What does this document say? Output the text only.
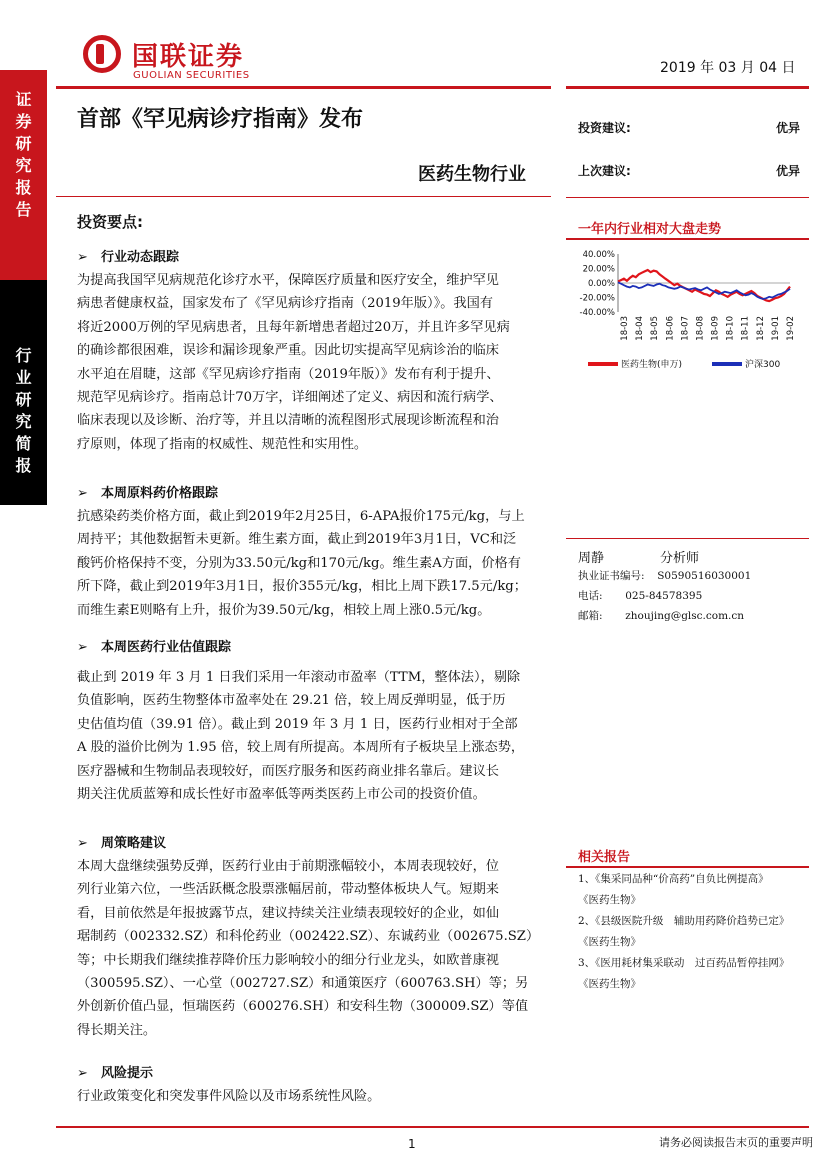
证
券
研
究
报
告
行
业
研
究
简
报
国联证券
GUOLIAN SECURITIES	2019 年 03 月 04 日
首部《罕见病诊疗指南》发布
医药生物行业
投资建议:	优异
上次建议:	优异
投资要点:
➢ 行业动态跟踪
为提高我国罕见病规范化诊疗水平，保障医疗质量和医疗安全，维护罕见
病患者健康权益，国家发布了《罕见病诊疗指南（2019年版）》。我国有
将近2000万例的罕见病患者，且每年新增患者超过20万，并且许多罕见病
的确诊都很困难，误诊和漏诊现象严重。因此切实提高罕见病诊治的临床
水平迫在眉睫，这部《罕见病诊疗指南（2019年版）》发布有利于提升、
规范罕见病诊疗。指南总计70万字，详细阐述了定义、病因和流行病学、
临床表现以及诊断、治疗等，并且以清晰的流程图形式展现诊断流程和治
疗原则，体现了指南的权威性、规范性和实用性。
➢ 本周原料药价格跟踪
抗感染药类价格方面，截止到2019年2月25日，6-APA报价175元/kg，与上
周持平；其他数据暂未更新。维生素方面，截止到2019年3月1日，VC和泛
酸钙价格保持不变，分别为33.50元/kg和170元/kg。维生素A方面，价格有
所下降，截止到2019年3月1日，报价355元/kg，相比上周下跌17.5元/kg；
而维生素E则略有上升，报价为39.50元/kg，相较上周上涨0.5元/kg。
➢ 本周医药行业估值跟踪
截止到 2019 年 3 月 1 日我们采用一年滚动市盈率（TTM，整体法），剔除
负值影响，医药生物整体市盈率处在 29.21 倍，较上周反弹明显，低于历
史估值均值（39.91 倍）。截止到 2019 年 3 月 1 日，医药行业相对于全部
A 股的溢价比例为 1.95 倍，较上周有所提高。本周所有子板块呈上涨态势，
医疗器械和生物制品表现较好，而医疗服务和医药商业排名靠后。建议长
期关注优质蓝筹和成长性好市盈率低等两类医药上市公司的投资价值。
➢ 周策略建议
本周大盘继续强势反弹，医药行业由于前期涨幅较小，本周表现较好，位
列行业第六位，一些活跃概念股票涨幅居前，带动整体板块人气。短期来
看，目前依然是年报披露节点，建议持续关注业绩表现较好的企业，如仙
琚制药（002332.SZ）和科伦药业（002422.SZ）、东诚药业（002675.SZ）
等；中长期我们继续推荐降价压力影响较小的细分行业龙头，如欧普康视
（300595.SZ）、一心堂（002727.SZ）和通策医疗（600763.SH）等；另
外创新价值凸显，恒瑞医药（600276.SH）和安科生物（300009.SZ）等值
得长期关注。
➢ 风险提示
行业政策变化和突发事件风险以及市场系统性风险。
一年内行业相对大盘走势
40.00%
20.00%
0.00%
-20.00%
-40.00%
18-03 18-04 18-05 18-06 18-07 18-08 18-09 18-10 18-11 18-12 19-01 19-02
医药生物(申万)	沪深300
周静	分析师
执业证书编号: S0590516030001
电话: 025-84578395
邮箱: zhoujing@glsc.com.cn
相关报告
1、《集采同品种“价高药”自负比例提高》
《医药生物》
2、《县级医院升级　辅助用药降价趋势已定》
《医药生物》
3、《医用耗材集采联动　过百药品暂停挂网》
《医药生物》
1	请务必阅读报告末页的重要声明
